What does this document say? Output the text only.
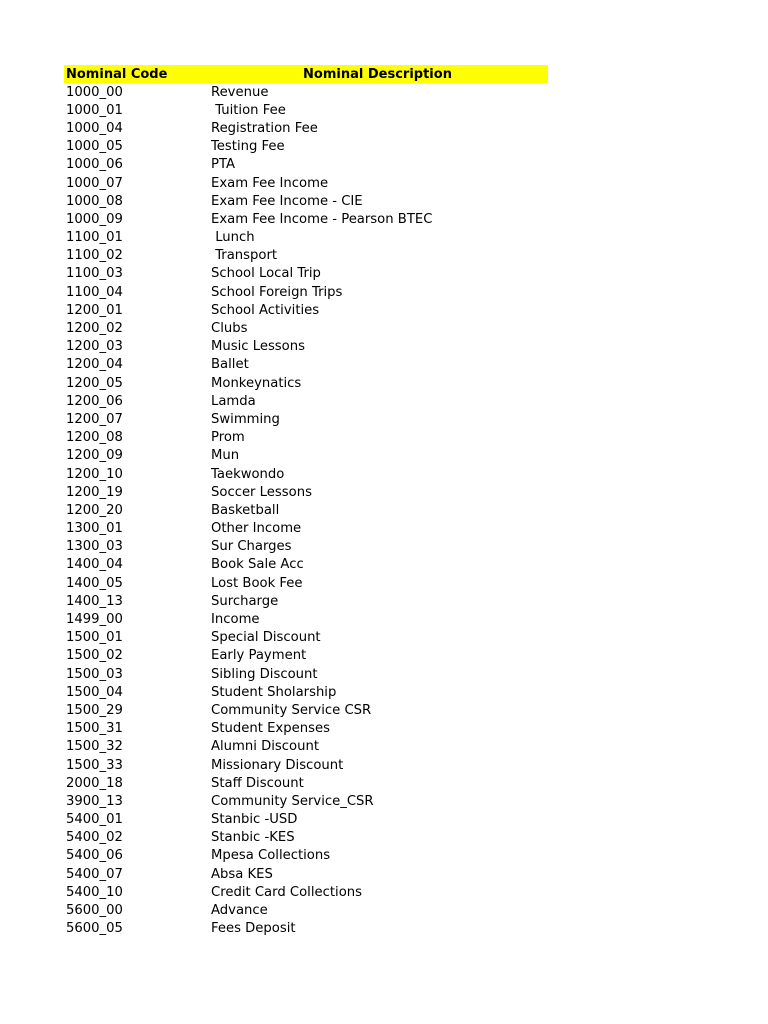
Nominal Code	Nominal Description
1000_00	Revenue
1000_01	Tuition Fee
1000_04	Registration Fee
1000_05	Testing Fee
1000_06	PTA
1000_07	Exam Fee Income
1000_08	Exam Fee Income - CIE
1000_09	Exam Fee Income - Pearson BTEC
1100_01	Lunch
1100_02	Transport
1100_03	School Local Trip
1100_04	School Foreign Trips
1200_01	School Activities
1200_02	Clubs
1200_03	Music Lessons
1200_04	Ballet
1200_05	Monkeynatics
1200_06	Lamda
1200_07	Swimming
1200_08	Prom
1200_09	Mun
1200_10	Taekwondo
1200_19	Soccer Lessons
1200_20	Basketball
1300_01	Other Income
1300_03	Sur Charges
1400_04	Book Sale Acc
1400_05	Lost Book Fee
1400_13	Surcharge
1499_00	Income
1500_01	Special Discount
1500_02	Early Payment
1500_03	Sibling Discount
1500_04	Student Sholarship
1500_29	Community Service CSR
1500_31	Student Expenses
1500_32	Alumni Discount
1500_33	Missionary Discount
2000_18	Staff Discount
3900_13	Community Service_CSR
5400_01	Stanbic -USD
5400_02	Stanbic -KES
5400_06	Mpesa Collections
5400_07	Absa KES
5400_10	Credit Card Collections
5600_00	Advance
5600_05	Fees Deposit
